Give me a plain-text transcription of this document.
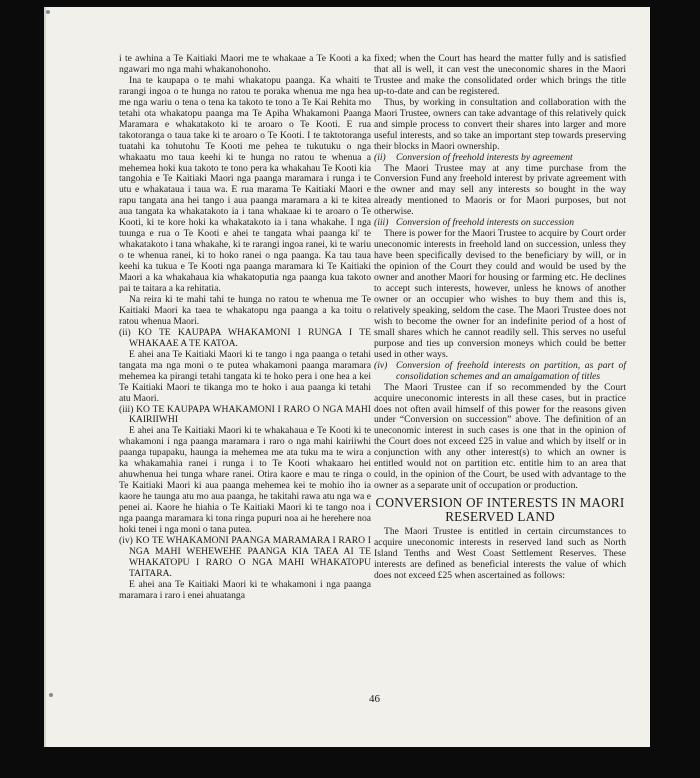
i te awhina a Te Kaitiaki Maori me te whakaae a Te Kooti a ka ngawari mo nga mahi whakanohonoho.

Ina te kaupapa o te mahi whakatopu paanga. Ka whaiti te rarangi ingoa o te hunga no ratou te poraka whenua me nga hea me nga wariu o tena o tena ka takoto te tono a Te Kai Rehita mo tetahi ota whakatopu paanga ma Te Apiha Whakamoni Paanga Maramara e whakatakoto ki te aroaro o Te Kooti. E rua takotoranga o taua take ki te aroaro o Te Kooti. I te taktotoranga tuatahi ka tohutohu Te Kooti me pehea te tukutuku o nga whakaatu mo taua keehi ki te hunga no ratou te whenua a mehemea hoki kua takoto te tono pera ka whakahau Te Kooti kia tangohia e Te Kaitiaki Maori nga paanga maramara i runga i te utu e whakataua i taua wa. E rua marama Te Kaitiaki Maori e rapu tangata ana hei tango i aua paanga maramara a ki te kitea aua tangata ka whakatakoto ia i tana whakaae ki te aroaro o Te Kooti, ki te kore hoki ka whakatakoto ia i tana whakahe. I nga tuunga e rua o Te Kooti e ahei te tangata whai paanga ki' te whakatakoto i tana whakahe, ki te rarangi ingoa ranei, ki te wariu o te whenua ranei, ki to hoko ranei o nga paanga. Ka tau taua keehi ka tukua e Te Kooti nga paanga maramara ki Te Kaitiaki Maori a ka whakahaua kia whakatoputia nga paanga kua takoto pai te taitara a ka rehitatia.

Na reira ki te mahi tahi te hunga no ratou te whenua me Te Kaitiaki Maori ka taea te whakatopu nga paanga a ka toitu o ratou whenua Maori.

(ii) KO TE KAUPAPA WHAKAMONI I RUNGA I TE WHAKAAE A TE KATOA.

E ahei ana Te Kaitiaki Maori ki te tango i nga paanga o tetahi tangata ma nga moni o te putea whakamoni paanga maramara mehemea ka pirangi tetahi tangata ki te hoko pera i one hea a kei Te Kaitiaki Maori te tikanga mo te hoko i aua paanga ki tetahi atu Maori.

(iii) KO TE KAUPAPA WHAKAMONI I RARO O NGA MAHI KAIRIIWHI

E ahei ana Te Kaitiaki Maori ki te whakahaua e Te Kooti ki te whakamoni i nga paanga maramara i raro o nga mahi kairiiwhi paanga tupapaku, haunga ia mehemea me ata tuku ma te wira a ka whakamahia ranei i runga i to Te Kooti whakaaro hei ahuwhenua hei tunga whare ranei. Otira kaore e mau te ringa o Te Kaitiaki Maori ki aua paanga mehemea kei te mohio iho ia kaore he taunga atu mo aua paanga, he takitahi rawa atu nga wa e penei ai. Kaore he hiahia o Te Kaitiaki Maori ki te tango noa i nga paanga maramara ki tona ringa pupuri noa ai he herehere noa hoki tenei i nga moni o tana putea.

(iv) KO TE WHAKAMONI PAANGA MARAMARA I RARO I NGA MAHI WEHEWEHE PAANGA KIA TAEA AI TE WHAKATOPU I RARO O NGA MAHI WHAKATOPU TAITARA.

E ahei ana Te Kaitiaki Maori ki te whakamoni i nga paanga maramara i raro i enei ahuatanga

fixed; when the Court has heard the matter fully and is satisfied that all is well, it can vest the uneconomic shares in the Maori Trustee and make the consolidated order which brings the title up-to-date and can be registered.

Thus, by working in consultation and collaboration with the Maori Trustee, owners can take advantage of this relatively quick and simple process to convert their shares into larger and more useful interests, and so take an important step towards preserving their blocks in Maori ownership.

(ii) Conversion of freehold interests by agreement

The Maori Trustee may at any time purchase from the Conversion Fund any freehold interest by private agreement with the owner and may sell any interests so bought in the way already mentioned to Maoris or for Maori purposes, but not otherwise.

(iii) Conversion of freehold interests on succession

There is power for the Maori Trustee to acquire by Court order uneconomic interests in freehold land on succession, unless they have been specifically devised to the beneficiary by will, or in the opinion of the Court they could and would be used by the owner and another Maori for housing or farming etc. He declines to accept such interests, however, unless he knows of another owner or an occupier who wishes to buy them and this is, relatively speaking, seldom the case. The Maori Trustee does not wish to become the owner for an indefinite period of a host of small shares which he cannot readily sell. This serves no useful purpose and ties up conversion moneys which could be better used in other ways.

(iv) Conversion of freehold interests on partition, as part of consolidation schemes and an amalgamation of titles

The Maori Trustee can if so recommended by the Court acquire uneconomic interests in all these cases, but in practice does not often avail himself of this power for the reasons given under “Conversion on succession” above. The definition of an uneconomic interest in such cases is one that in the opinion of the Court does not exceed £25 in value and which by itself or in conjunction with any other interest(s) to which an owner is entitled would not on partition etc. entitle him to an area that could, in the opinion of the Court, be used with advantage to the owner as a separate unit of occupation or production.

CONVERSION OF INTERESTS IN MAORI RESERVED LAND

The Maori Trustee is entitled in certain circumstances to acquire uneconomic interests in reserved land such as North Island Tenths and West Coast Settlement Reserves. These interests are defined as beneficial interests the value of which does not exceed £25 when ascertained as follows:

46
